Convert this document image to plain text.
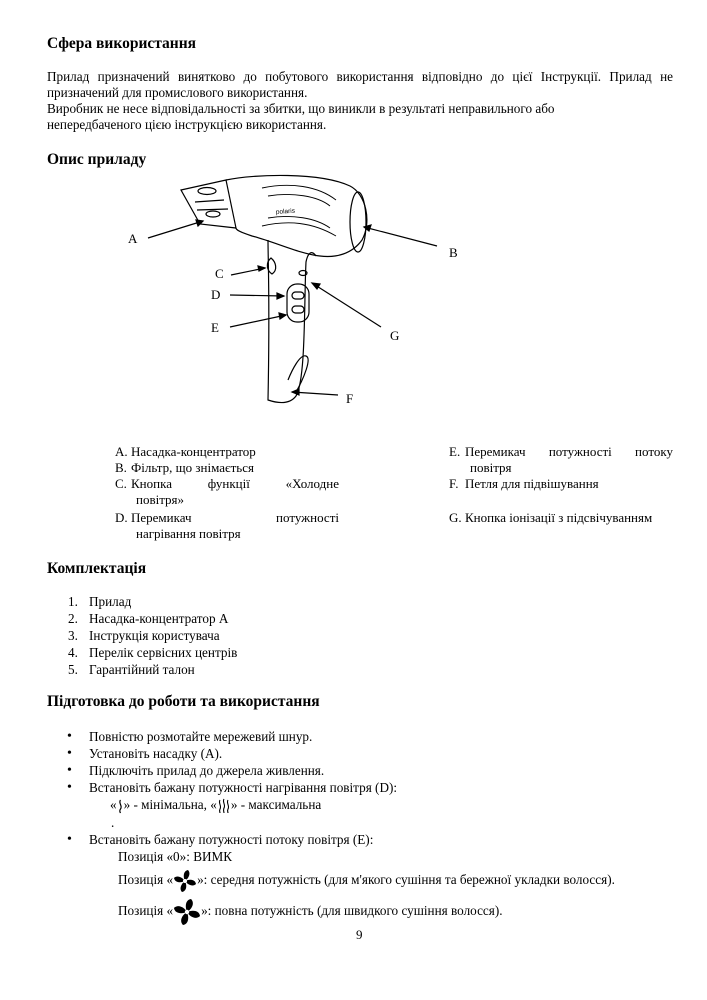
Сфера використання

Прилад призначений винятково до побутового використання відповідно до цієї Інструкції. Прилад не призначений для промислового використання.

Виробник не несе відповідальності за збитки, що виникли в результаті неправильного або непередбаченого цією інструкцією використання.

Опис приладу
polaris
A
B
C
D
E
F
G
A. Насадка-концентратор
B. Фільтр, що знімається
C. Кнопка функції «Холодне
повітря»
D. Перемикач потужності
нагрівання повітря
E. Перемикач потужності потоку
повітря
F. Петля для підвішування
G. Кнопка іонізації з підсвічуванням
Комплектація
1. Прилад
2. Насадка-концентратор A
3. Інструкція користувача
4. Перелік сервісних центрів
5. Гарантійний талон
Підготовка до роботи та використання
• Повністю розмотайте мережевий шнур.
• Установіть насадку (А).
• Підключіть прилад до джерела живлення.
• Встановіть бажану потужності нагрівання повітря (D):
« » - мінімальна, « » - максимальна
.
• Встановіть бажану потужності потоку повітря (E):
Позиція «0»: ВИМК
Позиція « »: середня потужність (для м'якого сушіння та бережної укладки волосся).
Позиція « »: повна потужність (для швидкого сушіння волосся).
9
